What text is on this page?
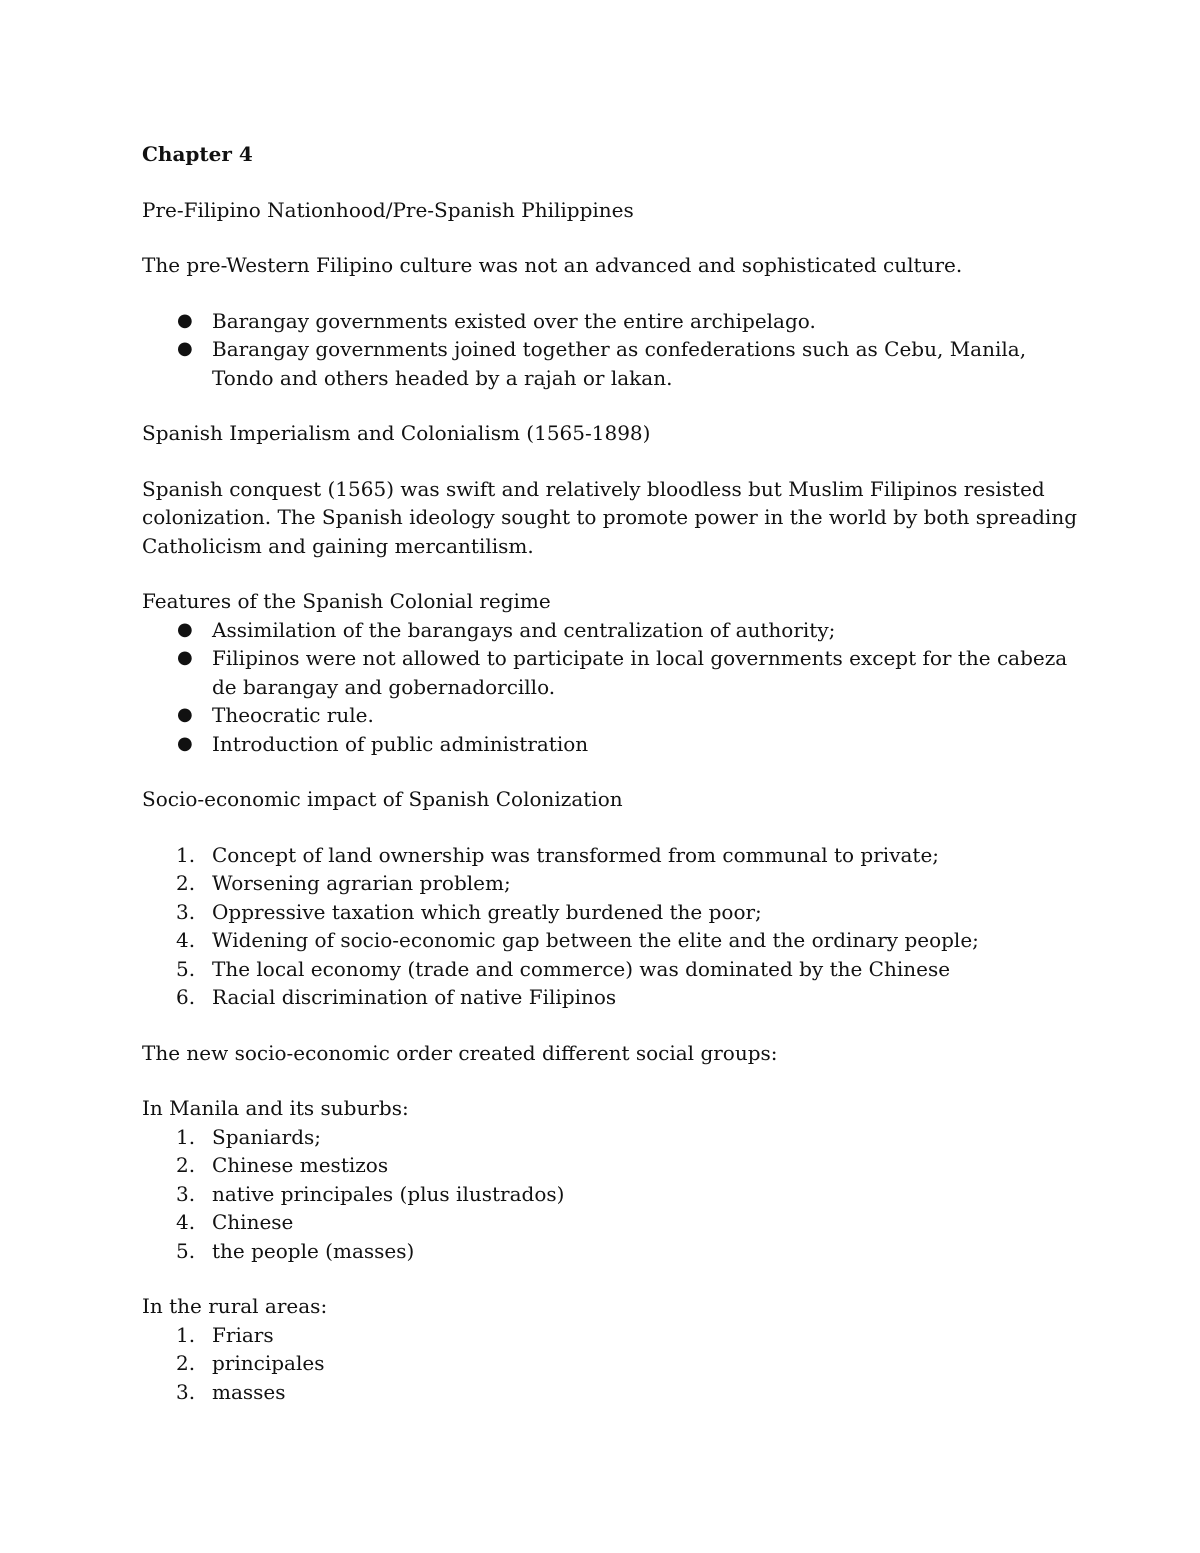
Chapter 4

Pre-Filipino Nationhood/Pre-Spanish Philippines

The pre-Western Filipino culture was not an advanced and sophisticated culture.

● Barangay governments existed over the entire archipelago.
● Barangay governments joined together as confederations such as Cebu, Manila, Tondo and others headed by a rajah or lakan.

Spanish Imperialism and Colonialism (1565-1898)

Spanish conquest (1565) was swift and relatively bloodless but Muslim Filipinos resisted colonization. The Spanish ideology sought to promote power in the world by both spreading Catholicism and gaining mercantilism.

Features of the Spanish Colonial regime

● Assimilation of the barangays and centralization of authority;
● Filipinos were not allowed to participate in local governments except for the cabeza de barangay and gobernadorcillo.
● Theocratic rule.
● Introduction of public administration

Socio-economic impact of Spanish Colonization

1. Concept of land ownership was transformed from communal to private;
2. Worsening agrarian problem;
3. Oppressive taxation which greatly burdened the poor;
4. Widening of socio-economic gap between the elite and the ordinary people;
5. The local economy (trade and commerce) was dominated by the Chinese
6. Racial discrimination of native Filipinos

The new socio-economic order created different social groups:

In Manila and its suburbs:

1. Spaniards;
2. Chinese mestizos
3. native principales (plus ilustrados)
4. Chinese
5. the people (masses)

In the rural areas:

1. Friars
2. principales
3. masses
